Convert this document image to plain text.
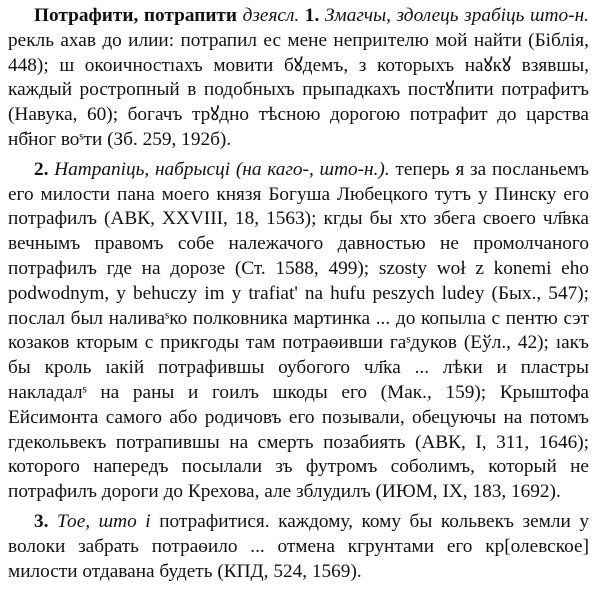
Потрафити, потрапити дзеясл. 1. Змагчы, здолець зрабіць што-н. рекль ахав до илии: потрапил ес мене неприıтелю мой найти (Біблія, 448); ш окоичностıахъ мовити бꙋдемъ, з которыхъ наꙋкꙋ взявшы, каждый ростропный в подобныхъ прыпадкахъ постꙋпити потрафитъ (Навука, 60); богачъ трꙋдно тѣсною дорогою потрафит до царства нб҃ног воˢти (Зб. 259, 192б).

2. Натрапіць, набрысці (на каго-, што-н.). теперь я за посланьемъ его милости пана моего князя Богуша Любецкого тутъ у Пинску его потрафилъ (АВК, XXVIII, 18, 1563); кгды бы хто збега своего чл҃вка вечнымъ правомъ собе належачого давностью не промолчаного потрафилъ где на дорозе (Ст. 1588, 499); szosty woł z konemi eho podwodnym, y behuczy im y trafiat' na hufu peszych ludey (Быx., 547); послал был наливаˢко полковника мартинка ... до копылıа с пентю сэт козаков кторым с прикгоды там потраѳивши гаˢдуков (Еўл., 42); ıакъ бы кроль ıакій потрафившы оубогого чл҃ка ... лѣки и пластры накладалˢ на раны и гоилъ шкоды его (Мак., 159); Крыштофа Ейсимонта самого або родичовъ его позывали, обецуючы на потомъ гдекольвекъ потрапившы на смерть позабиять (АВК, I, 311, 1646); которого напередъ посылали зъ футромъ соболимъ, который не потрафилъ дороги до Крехова, але зблудилъ (ИЮМ, IX, 183, 1692).

3. Тое, што і потрафитися. каждому, кому бы кольвекъ земли у волоки забрать потраѳило ... отмена кгрунтами его кр[олевское] милости отдавана будеть (КПД, 524, 1569).
